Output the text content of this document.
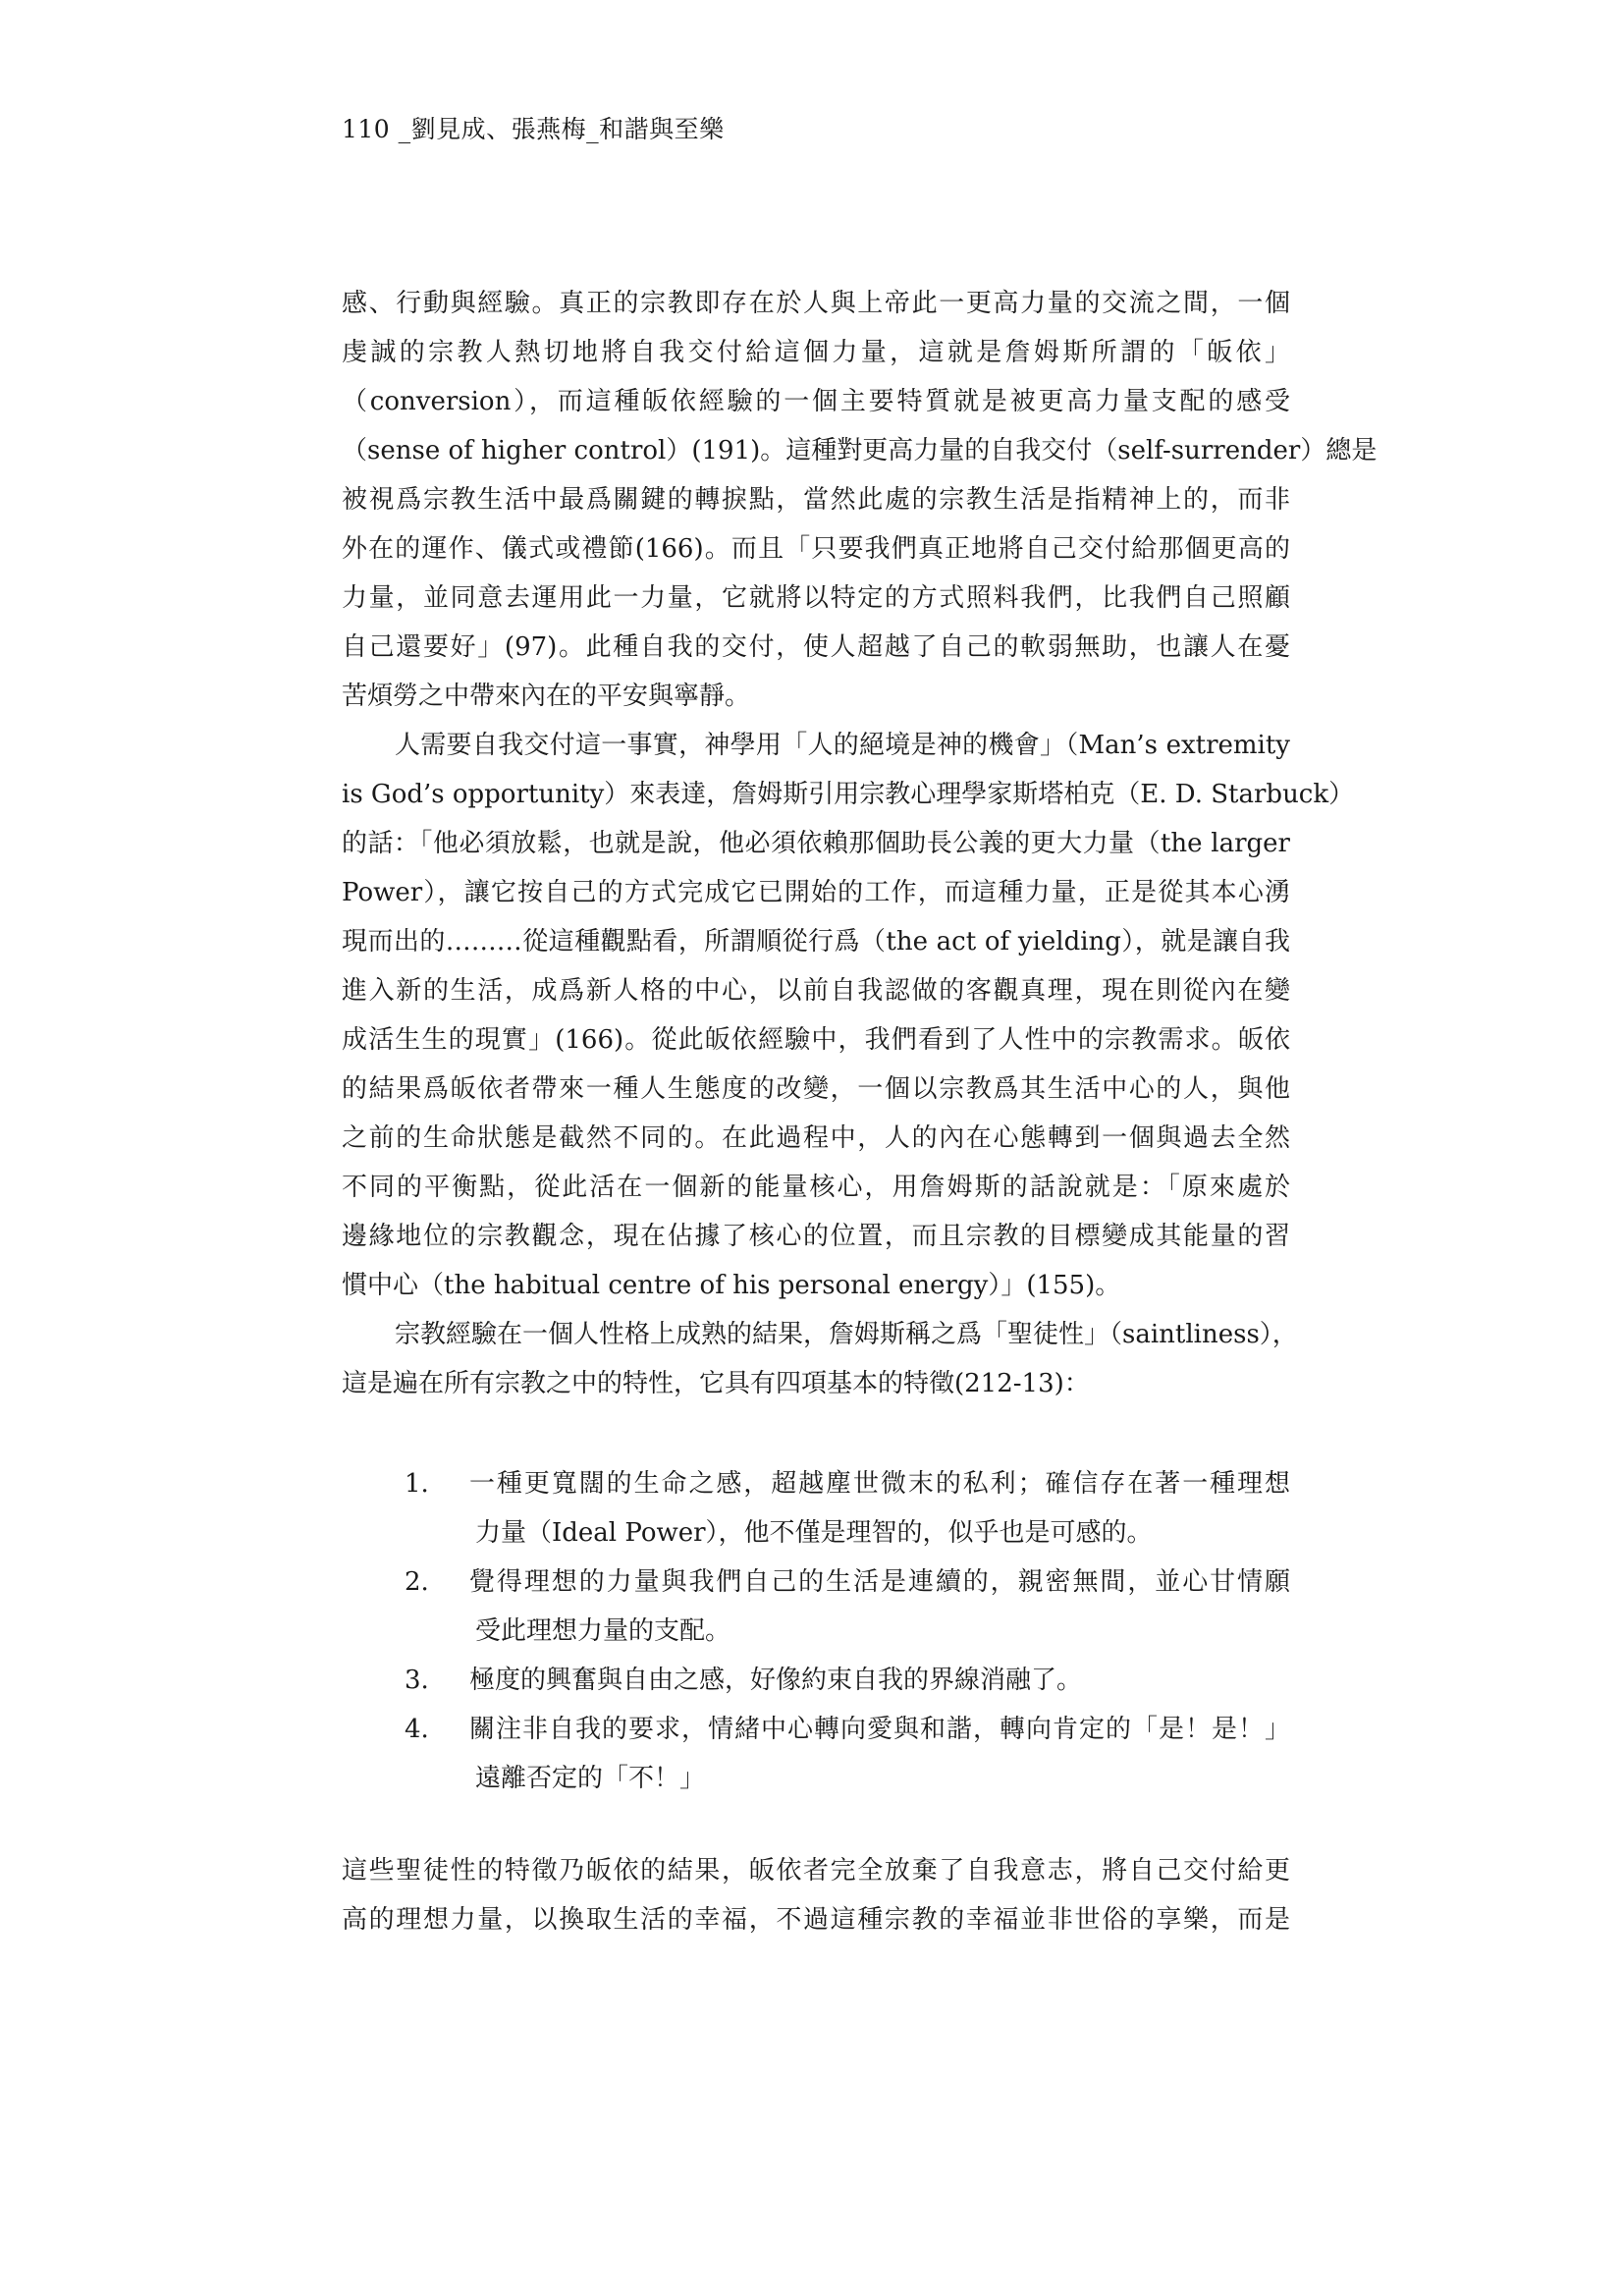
110 _劉見成、張燕梅_和諧與至樂
感、行動與經驗。真正的宗教即存在於人與上帝此一更高力量的交流之間，一個
虔誠的宗教人熱切地將自我交付給這個力量，這就是詹姆斯所謂的「皈依」
（conversion），而這種皈依經驗的一個主要特質就是被更高力量支配的感受
（sense of higher control）(191)。這種對更高力量的自我交付（self-surrender）總是
被視爲宗教生活中最爲關鍵的轉捩點，當然此處的宗教生活是指精神上的，而非
外在的運作、儀式或禮節(166)。而且「只要我們真正地將自己交付給那個更高的
力量，並同意去運用此一力量，它就將以特定的方式照料我們，比我們自己照顧
自己還要好」(97)。此種自我的交付，使人超越了自己的軟弱無助，也讓人在憂
苦煩勞之中帶來內在的平安與寧靜。
人需要自我交付這一事實，神學用「人的絕境是神的機會」（Man’s extremity
is God’s opportunity）來表達，詹姆斯引用宗教心理學家斯塔柏克（E. D. Starbuck）
的話：「他必須放鬆，也就是說，他必須依賴那個助長公義的更大力量（the larger
Power），讓它按自己的方式完成它已開始的工作，而這種力量，正是從其本心湧
現而出的………從這種觀點看，所謂順從行爲（the act of yielding），就是讓自我
進入新的生活，成爲新人格的中心，以前自我認做的客觀真理，現在則從內在變
成活生生的現實」(166)。從此皈依經驗中，我們看到了人性中的宗教需求。皈依
的結果爲皈依者帶來一種人生態度的改變，一個以宗教爲其生活中心的人，與他
之前的生命狀態是截然不同的。在此過程中，人的內在心態轉到一個與過去全然
不同的平衡點，從此活在一個新的能量核心，用詹姆斯的話說就是：「原來處於
邊緣地位的宗教觀念，現在佔據了核心的位置，而且宗教的目標變成其能量的習
慣中心（the habitual centre of his personal energy）」(155)。
宗教經驗在一個人性格上成熟的結果，詹姆斯稱之爲「聖徒性」（saintliness），
這是遍在所有宗教之中的特性，它具有四項基本的特徵(212-13)：
1.	一種更寬闊的生命之感，超越塵世微末的私利；確信存在著一種理想
力量（Ideal Power），他不僅是理智的，似乎也是可感的。
2.	覺得理想的力量與我們自己的生活是連續的，親密無間，並心甘情願
受此理想力量的支配。
3.	極度的興奮與自由之感，好像約束自我的界線消融了。
4.	關注非自我的要求，情緒中心轉向愛與和諧，轉向肯定的「是！是！」
遠離否定的「不！」
這些聖徒性的特徵乃皈依的結果，皈依者完全放棄了自我意志，將自己交付給更
高的理想力量，以換取生活的幸福，不過這種宗教的幸福並非世俗的享樂，而是
